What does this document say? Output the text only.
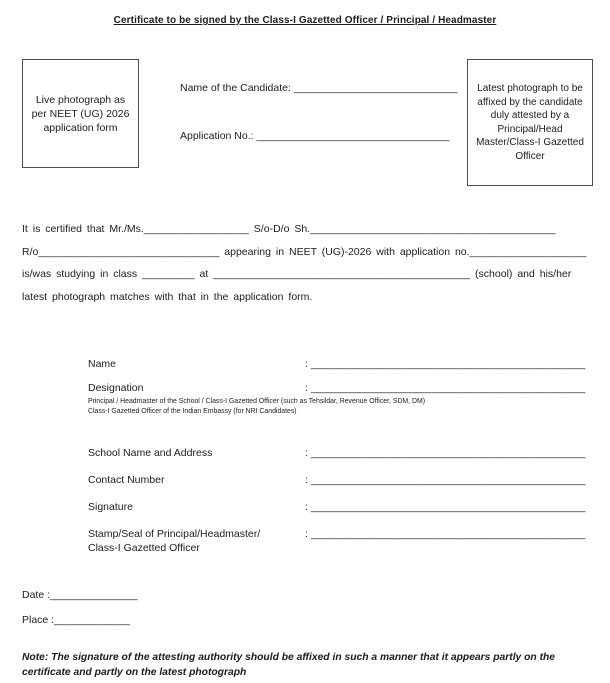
Certificate to be signed by the Class-I Gazetted Officer / Principal / Headmaster
Live photograph as per NEET (UG) 2026 application form
Name of the Candidate: ____________________________
Application No.: _________________________________
Latest photograph to be affixed by the candidate duly attested by a Principal/Head Master/Class-I Gazetted Officer
It is certified that Mr./Ms.__________________ S/o-D/o Sh.__________________________________________
R/o_______________________________ appearing in NEET (UG)-2026 with application no.____________________
is/was studying in class _________ at ____________________________________________ (school) and his/her
latest photograph matches with that in the application form.
Name	: _______________________________________________
Designation	: _______________________________________________
Principal / Headmaster of the School / Class-I Gazetted Officer (such as Tehsildar, Revenue Officer, SDM, DM)
Class-I Gazetted Officer of the Indian Embassy (for NRI Candidates)
School Name and Address	: _______________________________________________
Contact Number	: _______________________________________________
Signature	: _______________________________________________
Stamp/Seal of Principal/Headmaster/
Class-I Gazetted Officer
: _______________________________________________
Date :_______________
Place :_____________
Note: The signature of the attesting authority should be affixed in such a manner that it appears partly on the certificate and partly on the latest photograph
